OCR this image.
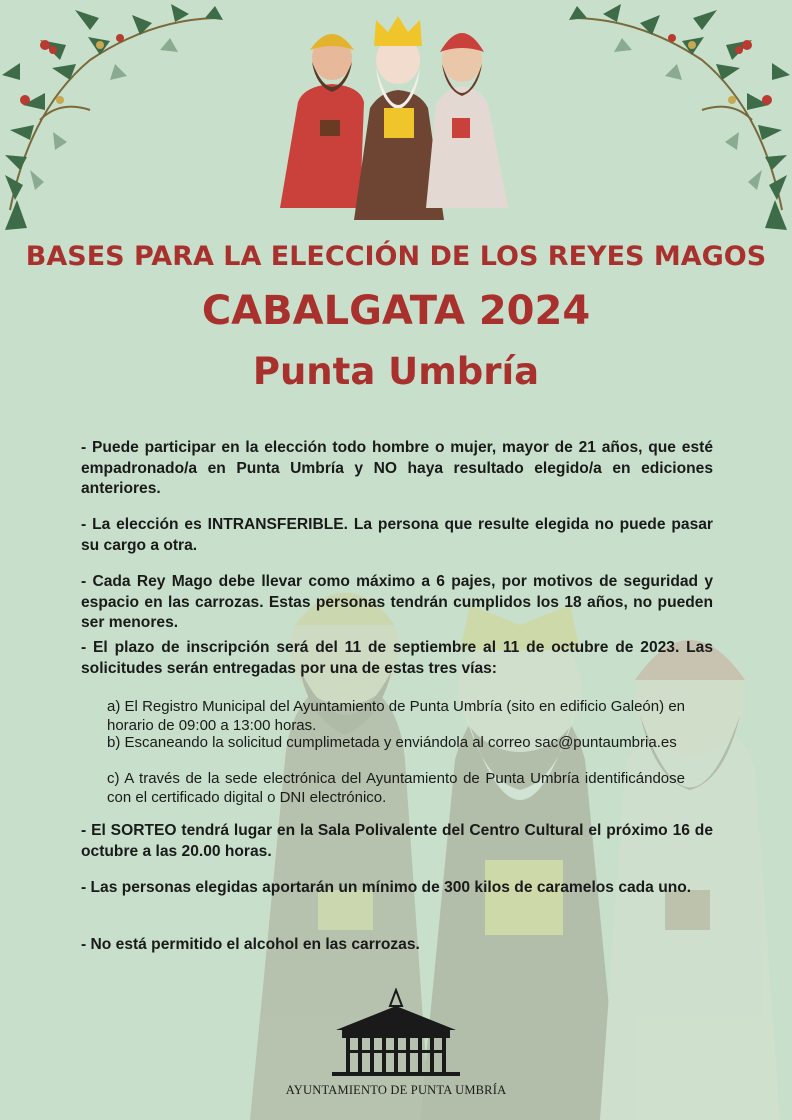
BASES PARA LA ELECCIÓN DE LOS REYES MAGOS
CABALGATA 2024
Punta Umbría

- Puede participar en la elección todo hombre o mujer, mayor de 21 años, que esté empadronado/a en Punta Umbría y NO haya resultado elegido/a en ediciones anteriores.

- La elección es INTRANSFERIBLE. La persona que resulte elegida no puede pasar su cargo a otra.

- Cada Rey Mago debe llevar como máximo a 6 pajes, por motivos de seguridad y espacio en las carrozas. Estas personas tendrán cumplidos los 18 años, no pueden ser menores.

- El plazo de inscripción será del 11 de septiembre al 11 de octubre de 2023. Las solicitudes serán entregadas por una de estas tres vías:

a) El Registro Municipal del Ayuntamiento de Punta Umbría (sito en edificio Galeón) en horario de 09:00 a 13:00 horas.

b) Escaneando la solicitud cumplimetada y enviándola al correo sac@puntaumbria.es

c) A través de la sede electrónica del Ayuntamiento de Punta Umbría identificándose con el certificado digital o DNI electrónico.

- El SORTEO tendrá lugar en la Sala Polivalente del Centro Cultural el próximo 16 de octubre a las 20.00 horas.

- Las personas elegidas aportarán un mínimo de 300 kilos de caramelos cada uno.

- No está permitido el alcohol en las carrozas.

AYUNTAMIENTO DE PUNTA UMBRÍA
